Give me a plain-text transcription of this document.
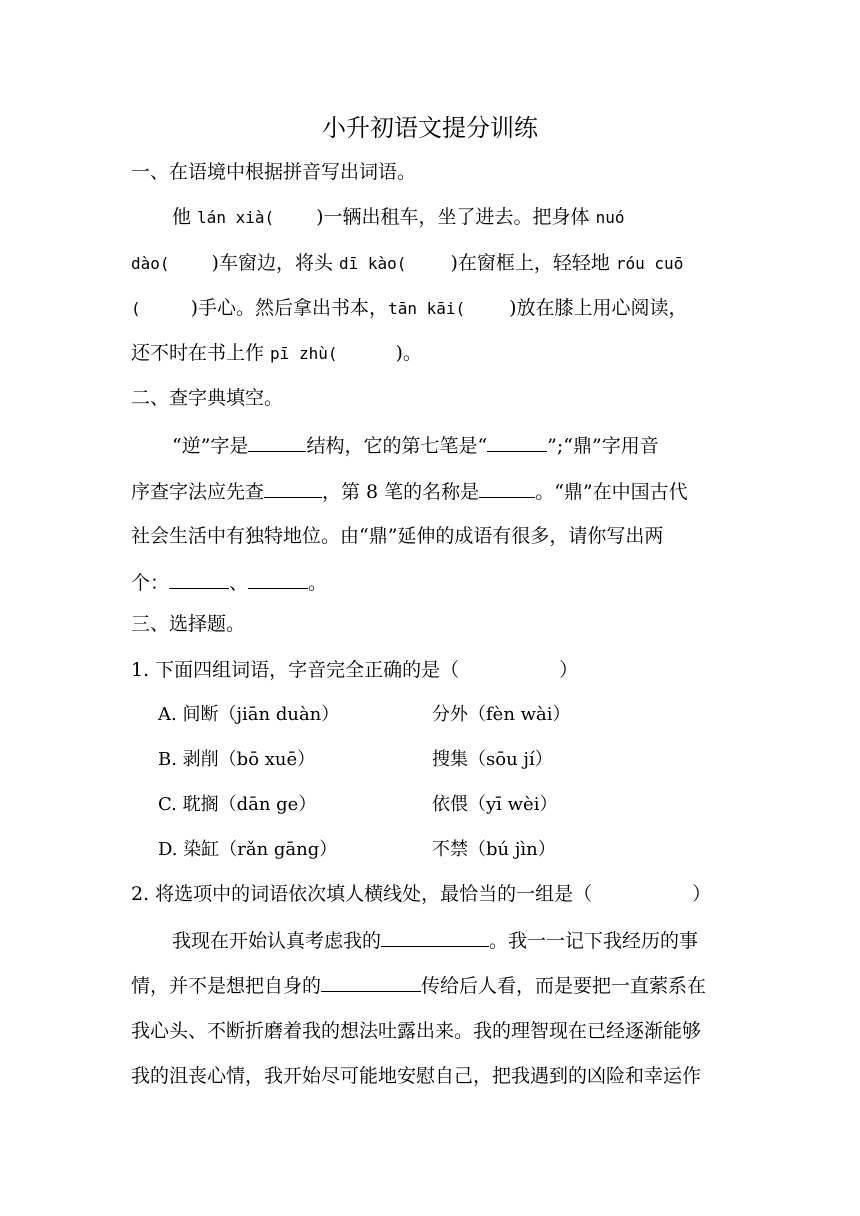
小升初语文提分训练
一、在语境中根据拼音写出词语。
他 lán xià( )一辆出租车，坐了进去。把身体 nuó
dào( )车窗边，将头 dī kào( )在窗框上，轻轻地 róu cuō
(	)手心。然后拿出书本，tān kāi( )放在膝上用心阅读，
还不时在书上作 pī zhù(	)。
二、查字典填空。
“逆”字是	结构，它的第七笔是“	”;“鼎”字用音
序查字法应先查	，第 8 笔的名称是	。“鼎”在中国古代
社会生活中有独特地位。由“鼎”延伸的成语有很多，请你写出两
个：	、	。
三、选择题。
1. 下面四组词语，字音完全正确的是（	）
A. 间断（jiān duàn）	分外（fèn wài）
B. 剥削（bō xuē）	搜集（sōu jí）
C. 耽搁（dān ge）	依偎（yī wèi）
D. 染缸（rǎn gāng）	不禁（bú jìn）
2. 将选项中的词语依次填人横线处，最恰当的一组是（	）
我现在开始认真考虑我的	。我一一记下我经历的事
情，并不是想把自身的	传给后人看，而是要把一直萦系在
我心头、不断折磨着我的想法吐露出来。我的理智现在已经逐渐能够
我的沮丧心情，我开始尽可能地安慰自己，把我遇到的凶险和幸运作
